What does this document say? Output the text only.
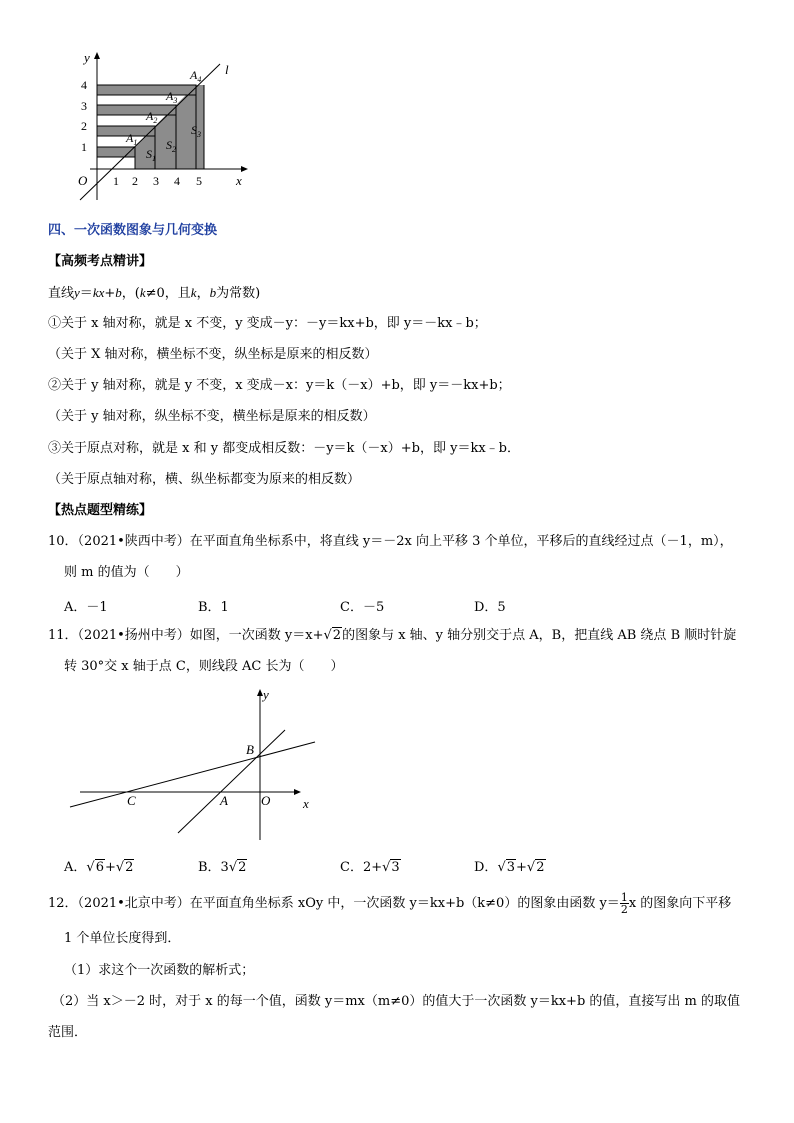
y
l
O	x
4
3
2
1
1 2 3 4 5
$A_1$
$A_2$
$A_3$
$A_4$
$S_1$
$S_2$
$S_3$
四、一次函数图象与几何变换
【高频考点精讲】
直线y＝kx+b，(k≠0，且k，b为常数)
①关于 x 轴对称，就是 x 不变，y 变成－y：－y＝kx+b，即 y＝－kx﹣b；
（关于 X 轴对称，横坐标不变，纵坐标是原来的相反数）
②关于 y 轴对称，就是 y 不变，x 变成－x：y＝k（－x）+b，即 y＝－kx+b；
（关于 y 轴对称，纵坐标不变，横坐标是原来的相反数）
③关于原点对称，就是 x 和 y 都变成相反数：－y＝k（－x）+b，即 y＝kx﹣b．
（关于原点轴对称，横、纵坐标都变为原来的相反数）
【热点题型精练】
10．（2021•陕西中考）在平面直角坐标系中，将直线 y＝－2x 向上平移 3 个单位，平移后的直线经过点（－1，m），
则 m 的值为（　　）
A．－1	B．1	C．－5	D．5
11．（2021•扬州中考）如图，一次函数 y＝x+√2的图象与 x 轴、y 轴分别交于点 A，B，把直线 AB 绕点 B 顺时针旋
转 30°交 x 轴于点 C，则线段 AC 长为（　　）
y
x
B
C	A	O
A．√6+√2	B．3√2	C．2+√3	D．√3+√2
12．（2021•北京中考）在平面直角坐标系 xOy 中，一次函数 y＝kx+b（k≠0）的图象由函数 $y= \frac{1}{2}$ x 的图象向下平移
1 个单位长度得到．
（1）求这个一次函数的解析式；
（2）当 x＞－2 时，对于 x 的每一个值，函数 y＝mx（m≠0）的值大于一次函数 y＝kx+b 的值，直接写出 m 的取值
范围．
